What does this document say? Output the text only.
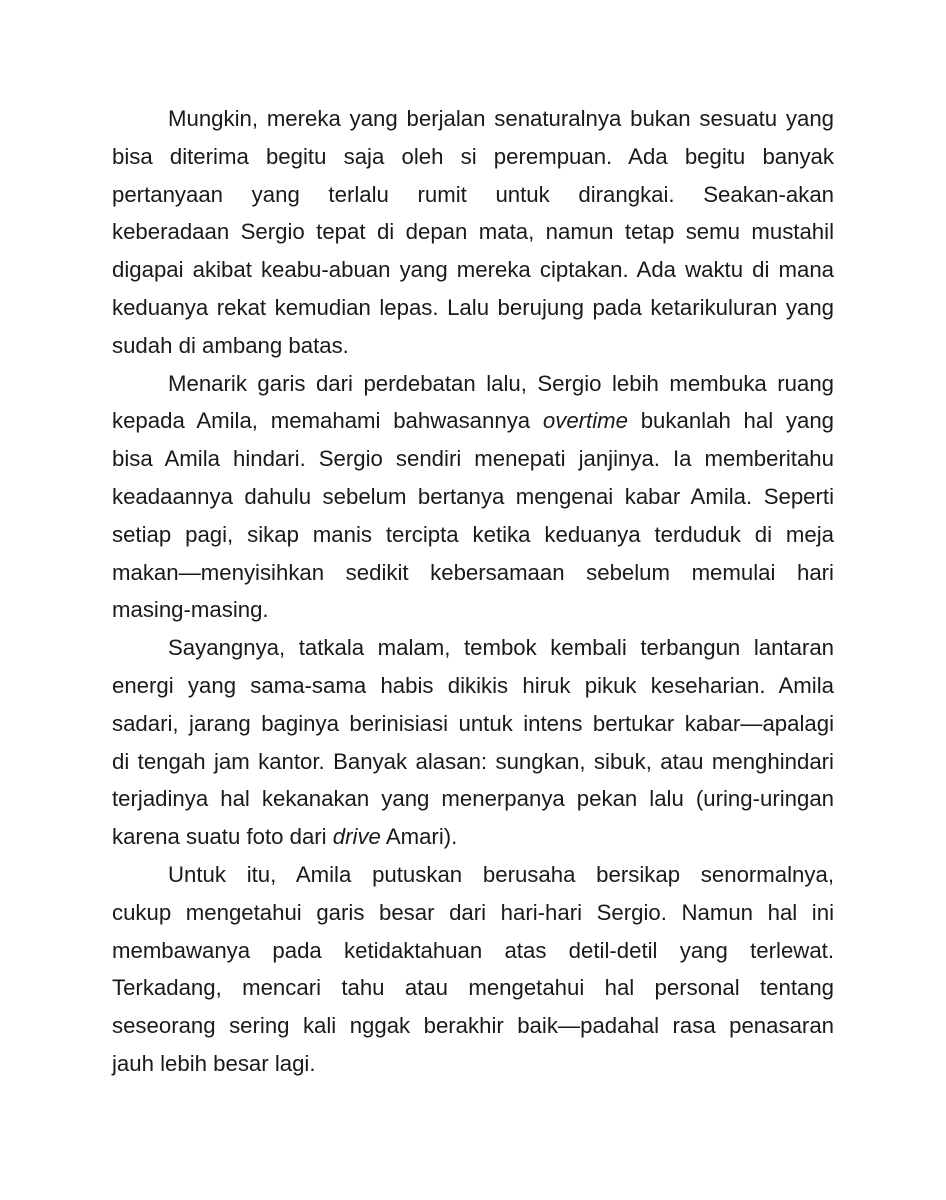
Mungkin, mereka yang berjalan senaturalnya bukan sesuatu yang
bisa diterima begitu saja oleh si perempuan. Ada begitu banyak
pertanyaan yang terlalu rumit untuk dirangkai. Seakan-akan
keberadaan Sergio tepat di depan mata, namun tetap semu mustahil
digapai akibat keabu-abuan yang mereka ciptakan. Ada waktu di mana
keduanya rekat kemudian lepas. Lalu berujung pada ketarikuluran yang
sudah di ambang batas.
Menarik garis dari perdebatan lalu, Sergio lebih membuka ruang
kepada Amila, memahami bahwasannya overtime bukanlah hal yang
bisa Amila hindari. Sergio sendiri menepati janjinya. Ia memberitahu
keadaannya dahulu sebelum bertanya mengenai kabar Amila. Seperti
setiap pagi, sikap manis tercipta ketika keduanya terduduk di meja
makan—menyisihkan sedikit kebersamaan sebelum memulai hari
masing-masing.
Sayangnya, tatkala malam, tembok kembali terbangun lantaran
energi yang sama-sama habis dikikis hiruk pikuk keseharian. Amila
sadari, jarang baginya berinisiasi untuk intens bertukar kabar—apalagi
di tengah jam kantor. Banyak alasan: sungkan, sibuk, atau menghindari
terjadinya hal kekanakan yang menerpanya pekan lalu (uring-uringan
karena suatu foto dari drive Amari).
Untuk itu, Amila putuskan berusaha bersikap senormalnya,
cukup mengetahui garis besar dari hari-hari Sergio. Namun hal ini
membawanya pada ketidaktahuan atas detil-detil yang terlewat.
Terkadang, mencari tahu atau mengetahui hal personal tentang
seseorang sering kali nggak berakhir baik—padahal rasa penasaran
jauh lebih besar lagi.
